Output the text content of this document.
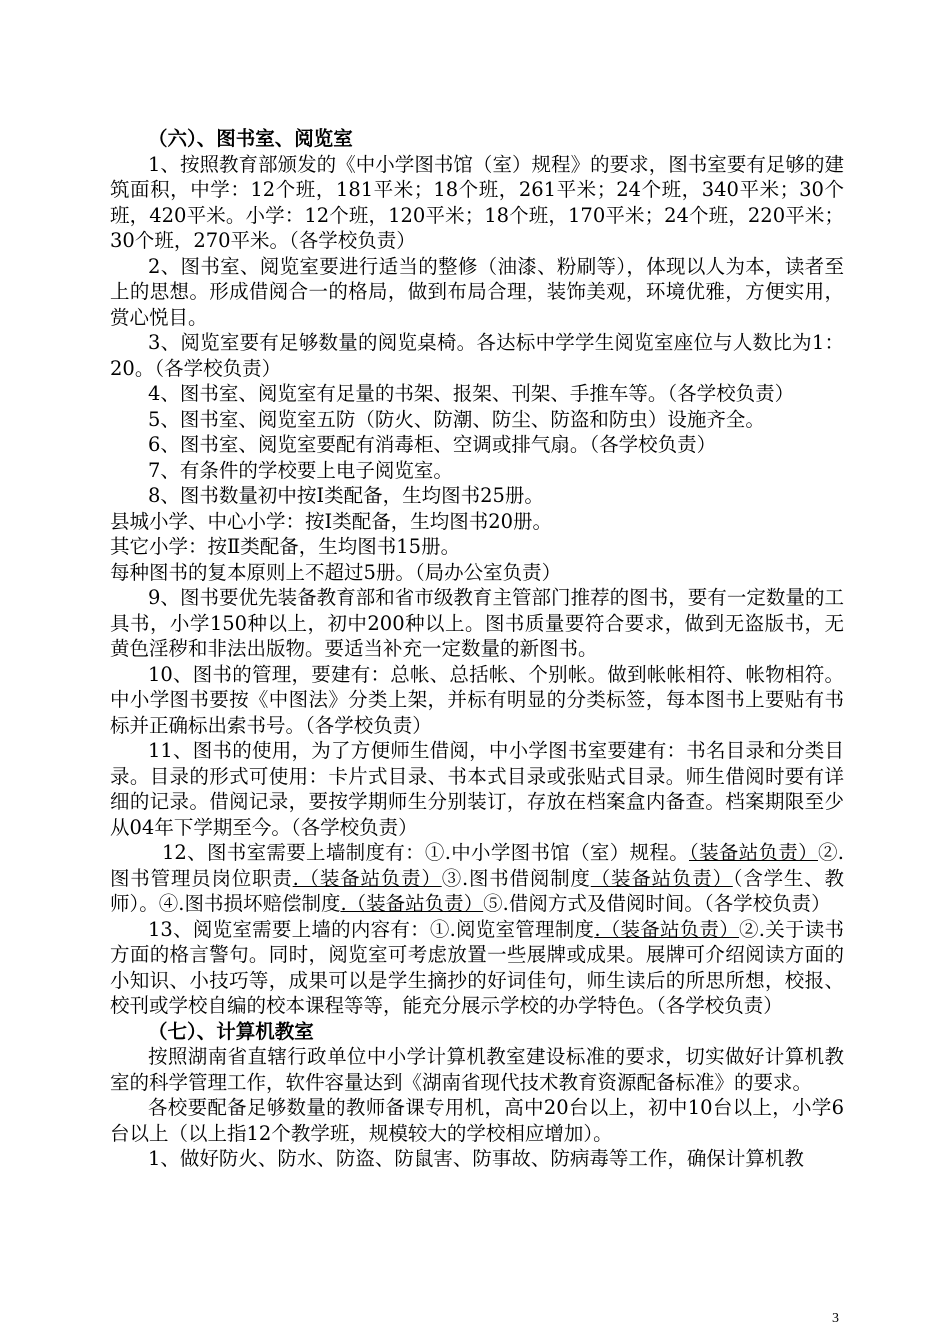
（六）、图书室、阅览室

1、按照教育部颁发的《中小学图书馆（室）规程》的要求，图书室要有足够的建筑面积，中学：12个班，181平米；18个班，261平米；24个班，340平米；30个班，420平米。小学：12个班，120平米；18个班，170平米；24个班，220平米；30个班，270平米。（各学校负责）

2、图书室、阅览室要进行适当的整修（油漆、粉刷等），体现以人为本，读者至上的思想。形成借阅合一的格局，做到布局合理，装饰美观，环境优雅，方便实用，赏心悦目。

3、阅览室要有足够数量的阅览桌椅。各达标中学学生阅览室座位与人数比为1：20。（各学校负责）

4、图书室、阅览室有足量的书架、报架、刊架、手推车等。（各学校负责）

5、图书室、阅览室五防（防火、防潮、防尘、防盗和防虫）设施齐全。

6、图书室、阅览室要配有消毒柜、空调或排气扇。（各学校负责）

7、有条件的学校要上电子阅览室。

8、图书数量初中按Ⅰ类配备，生均图书25册。

县城小学、中心小学：按Ⅰ类配备，生均图书20册。

其它小学：按Ⅱ类配备，生均图书15册。

每种图书的复本原则上不超过5册。（局办公室负责）

9、图书要优先装备教育部和省市级教育主管部门推荐的图书，要有一定数量的工具书，小学150种以上，初中200种以上。图书质量要符合要求，做到无盗版书，无黄色淫秽和非法出版物。要适当补充一定数量的新图书。

10、图书的管理，要建有：总帐、总括帐、个别帐。做到帐帐相符、帐物相符。中小学图书要按《中图法》分类上架，并标有明显的分类标签，每本图书上要贴有书标并正确标出索书号。（各学校负责）

11、图书的使用，为了方便师生借阅，中小学图书室要建有：书名目录和分类目录。目录的形式可使用：卡片式目录、书本式目录或张贴式目录。师生借阅时要有详细的记录。借阅记录，要按学期师生分别装订，存放在档案盒内备查。档案期限至少从04年下学期至今。（各学校负责）

12、图书室需要上墙制度有：①.中小学图书馆（室）规程。（装备站负责）②.图书管理员岗位职责.（装备站负责）③.图书借阅制度（装备站负责）（含学生、教师）。④.图书损坏赔偿制度.（装备站负责）⑤.借阅方式及借阅时间。（各学校负责）

13、阅览室需要上墙的内容有：①.阅览室管理制度.（装备站负责）②.关于读书方面的格言警句。同时，阅览室可考虑放置一些展牌或成果。展牌可介绍阅读方面的小知识、小技巧等，成果可以是学生摘抄的好词佳句，师生读后的所思所想，校报、校刊或学校自编的校本课程等等，能充分展示学校的办学特色。（各学校负责）

（七）、计算机教室

按照湖南省直辖行政单位中小学计算机教室建设标准的要求，切实做好计算机教室的科学管理工作，软件容量达到《湖南省现代技术教育资源配备标准》的要求。

各校要配备足够数量的教师备课专用机，高中20台以上，初中10台以上，小学6台以上（以上指12个教学班，规模较大的学校相应增加）。

1、做好防火、防水、防盗、防鼠害、防事故、防病毒等工作，确保计算机教

3
